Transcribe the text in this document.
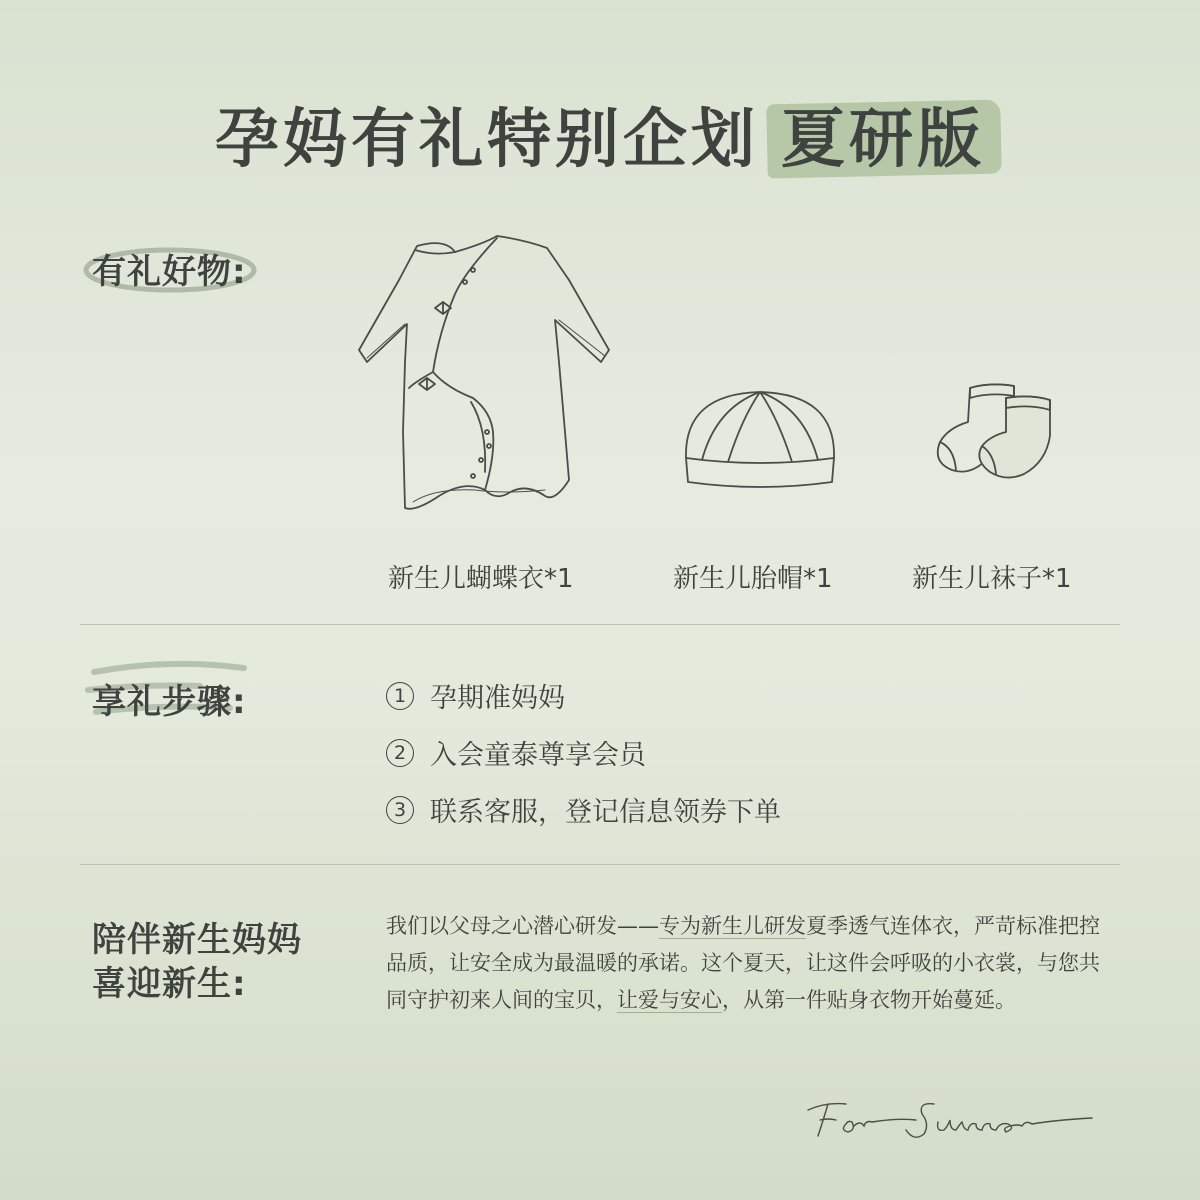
孕妈有礼特别企划 夏研版
有礼好物:
新生儿蝴蝶衣*1	新生儿胎帽*1	新生儿袜子*1
享礼步骤:	1 孕期准妈妈
2 入会童泰尊享会员
3 联系客服，登记信息领券下单
陪伴新生妈妈
喜迎新生:
我们以父母之心潜心研发——专为新生儿研发夏季透气连体衣，严苛标准把控品质，让安全成为最温暖的承诺。这个夏天，让这件会呼吸的小衣裳，与您共同守护初来人间的宝贝，让爱与安心，从第一件贴身衣物开始蔓延。
